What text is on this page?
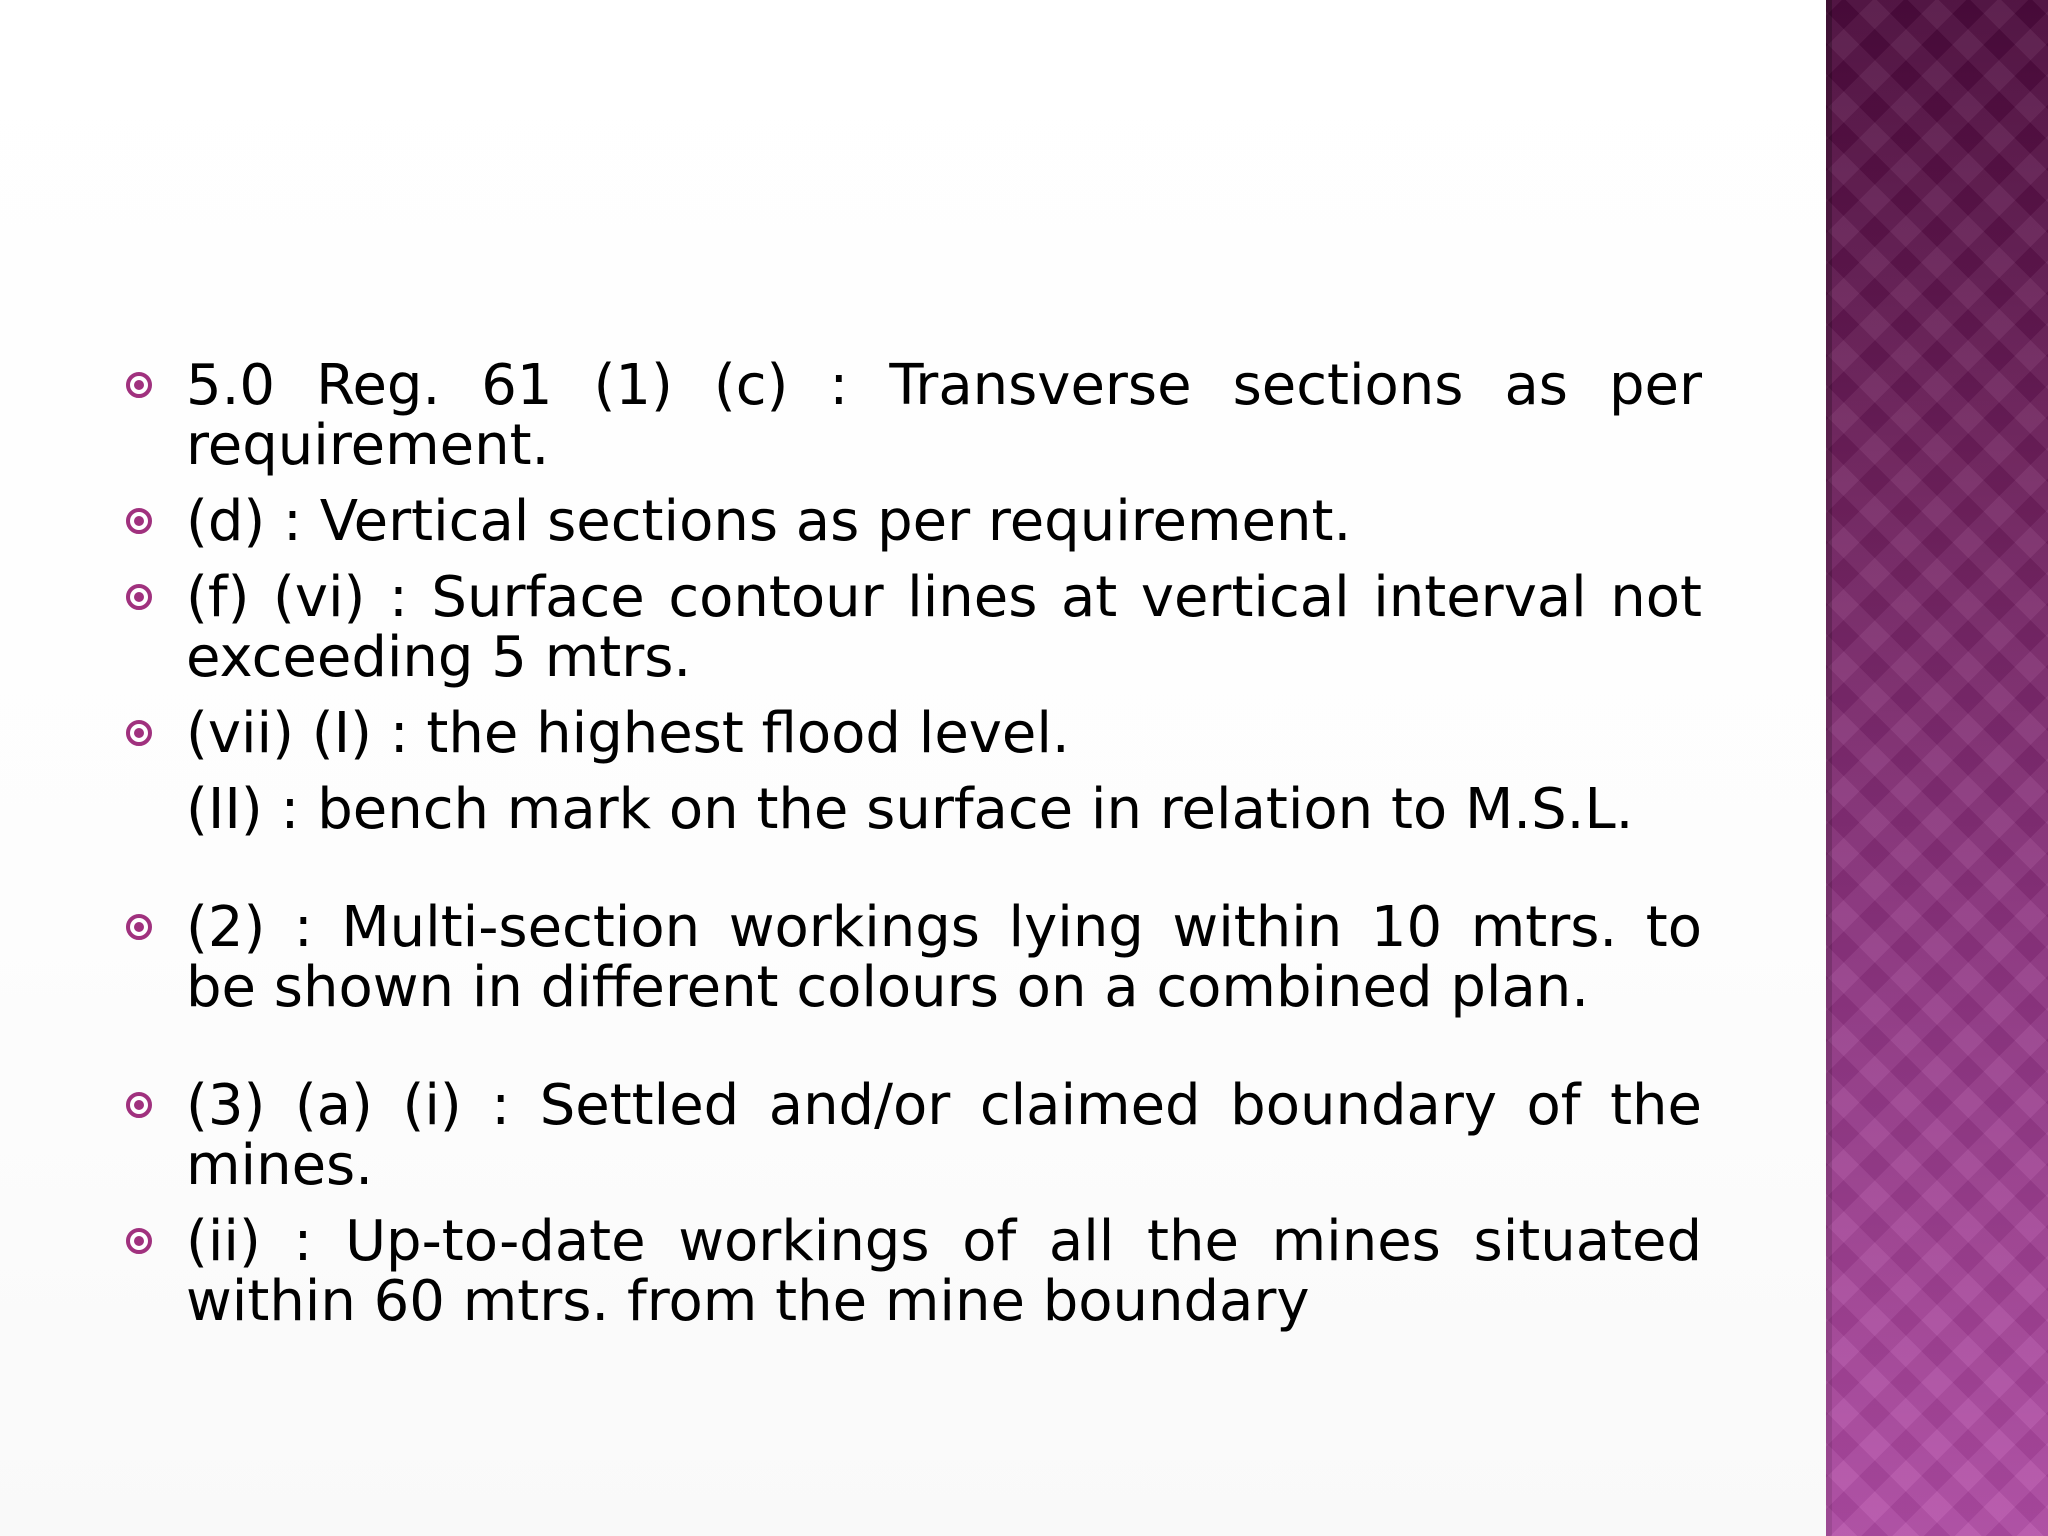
5.0 Reg. 61 (1) (c) : Transverse sections as per requirement.
(d) : Vertical sections as per requirement.
(f) (vi) : Surface contour lines at vertical interval not exceeding 5 mtrs.
(vii) (I) : the highest flood level.
(II) : bench mark on the surface in relation to M.S.L.
(2) : Multi-section workings lying within 10 mtrs. to be shown in different colours on a combined plan.
(3) (a) (i) : Settled and/or claimed boundary of the mines.
(ii) : Up-to-date workings of all the mines situated within 60 mtrs. from the mine boundary
